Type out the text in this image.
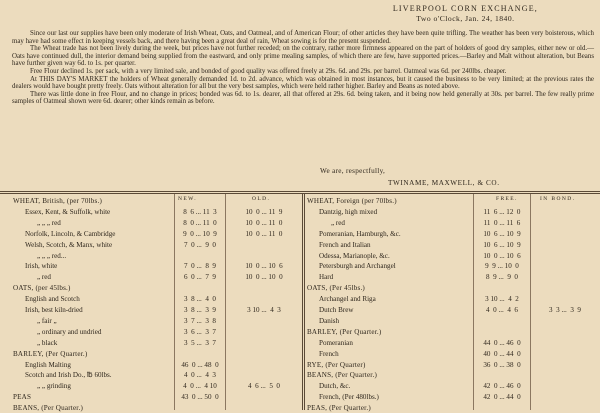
LIVERPOOL CORN EXCHANGE,
Two o'Clock, Jan. 24, 1840.

Since our last our supplies have been only moderate of Irish Wheat, Oats, and Oatmeal, and of American Flour; of other articles they have been quite trifling. The weather has been very boisterous, which may have had some effect in keeping vessels back, and there having been a great deal of rain, Wheat sowing is for the present suspended.

The Wheat trade has not been lively during the week, but prices have not further receded; on the contrary, rather more firmness appeared on the part of holders of good dry samples, either new or old.—Oats have continued dull, the interior demand being supplied from the eastward, and only prime mealing samples, of which there are few, have supported prices.—Barley and Malt without alteration, but Beans have further given way 6d. to 1s. per quarter.

Free Flour declined 1s. per sack, with a very limited sale, and bonded of good quality was offered freely at 29s. 6d. and 29s. per barrel. Oatmeal was 6d. per 240lbs. cheaper.

At THIS DAY'S MARKET the holders of Wheat generally demanded 1d. to 2d. advance, which was obtained in most instances, but it caused the business to be very limited; at the previous rates the dealers would have bought pretty freely. Oats without alteration for all but the very best samples, which were held rather higher. Barley and Beans as noted above.

There was little done in free Flour, and no change in prices; bonded was 6d. to 1s. dearer, all that offered at 29s. 6d. being taken, and it being now held generally at 30s. per barrel. The few really prime samples of Oatmeal shown were 6d. dearer; other kinds remain as before.

We are, respectfully,
TWINAME, MAXWELL, & CO.
NEW.	OLD.	FREE.	IN BOND.
WHEAT, British, (per 70lbs.)
Essex, Kent, & Suffolk, white	8  6 ... 11  3	10  0 ... 11  9
„ „ „ red	8  0 ... 11  0	10  0 ... 11  0
Norfolk, Lincoln, & Cambridge	9  0 ... 10  9	10  0 ... 11  0
Welsh, Scotch, & Manx, white	7  0 ...  9  0
„ „ „ red...
Irish, white	7  0 ...  8  9	10  0 ... 10  6
„ red	6  0 ...  7  9	10  0 ... 10  0
OATS, (per 45lbs.)
English and Scotch	3  8 ...  4  0
Irish, best kiln-dried	3  8 ...  3  9	3 10 ...  4  3
„ fair „	3  7 ...  3  8
„ ordinary and undried	3  6 ...  3  7
„ black	3  5 ...  3  7
BARLEY, (Per Quarter.)
English Malting	46  0 ... 48  0
Scotch and Irish Do., ℔ 60lbs.	4  0 ...  4  3
„ „ grinding	4  0 ...  4 10	4  6 ...  5  0
PEAS	43  0 ... 50  0
BEANS, (Per Quarter.)
WHEAT, Foreign (per 70lbs.)
Dantzig, high mixed	11  6 ... 12  0
„ red	11  0 ... 11  6
Pomeranian, Hamburgh, &c.	10  6 ... 10  9
French and Italian	10  6 ... 10  9
Odessa, Marianople, &c.	10  0 ... 10  6
Petersburgh and Archangel	9  9 ... 10  0
Hard	8  9 ...  9  0
OATS, (Per 45lbs.)
Archangel and Riga	3 10 ...  4  2
Dutch Brew	4  0 ...  4  6	3  3 ...  3  9
Danish
BARLEY, (Per Quarter.)
Pomeranian	44  0 ... 46  0
French	40  0 ... 44  0
RYE, (Per Quarter)	36  0 ... 38  0
BEANS, (Per Quarter.)
Dutch, &c.	42  0 ... 46  0
French, (Per 480lbs.)	42  0 ... 44  0
PEAS, (Per Quarter.)
